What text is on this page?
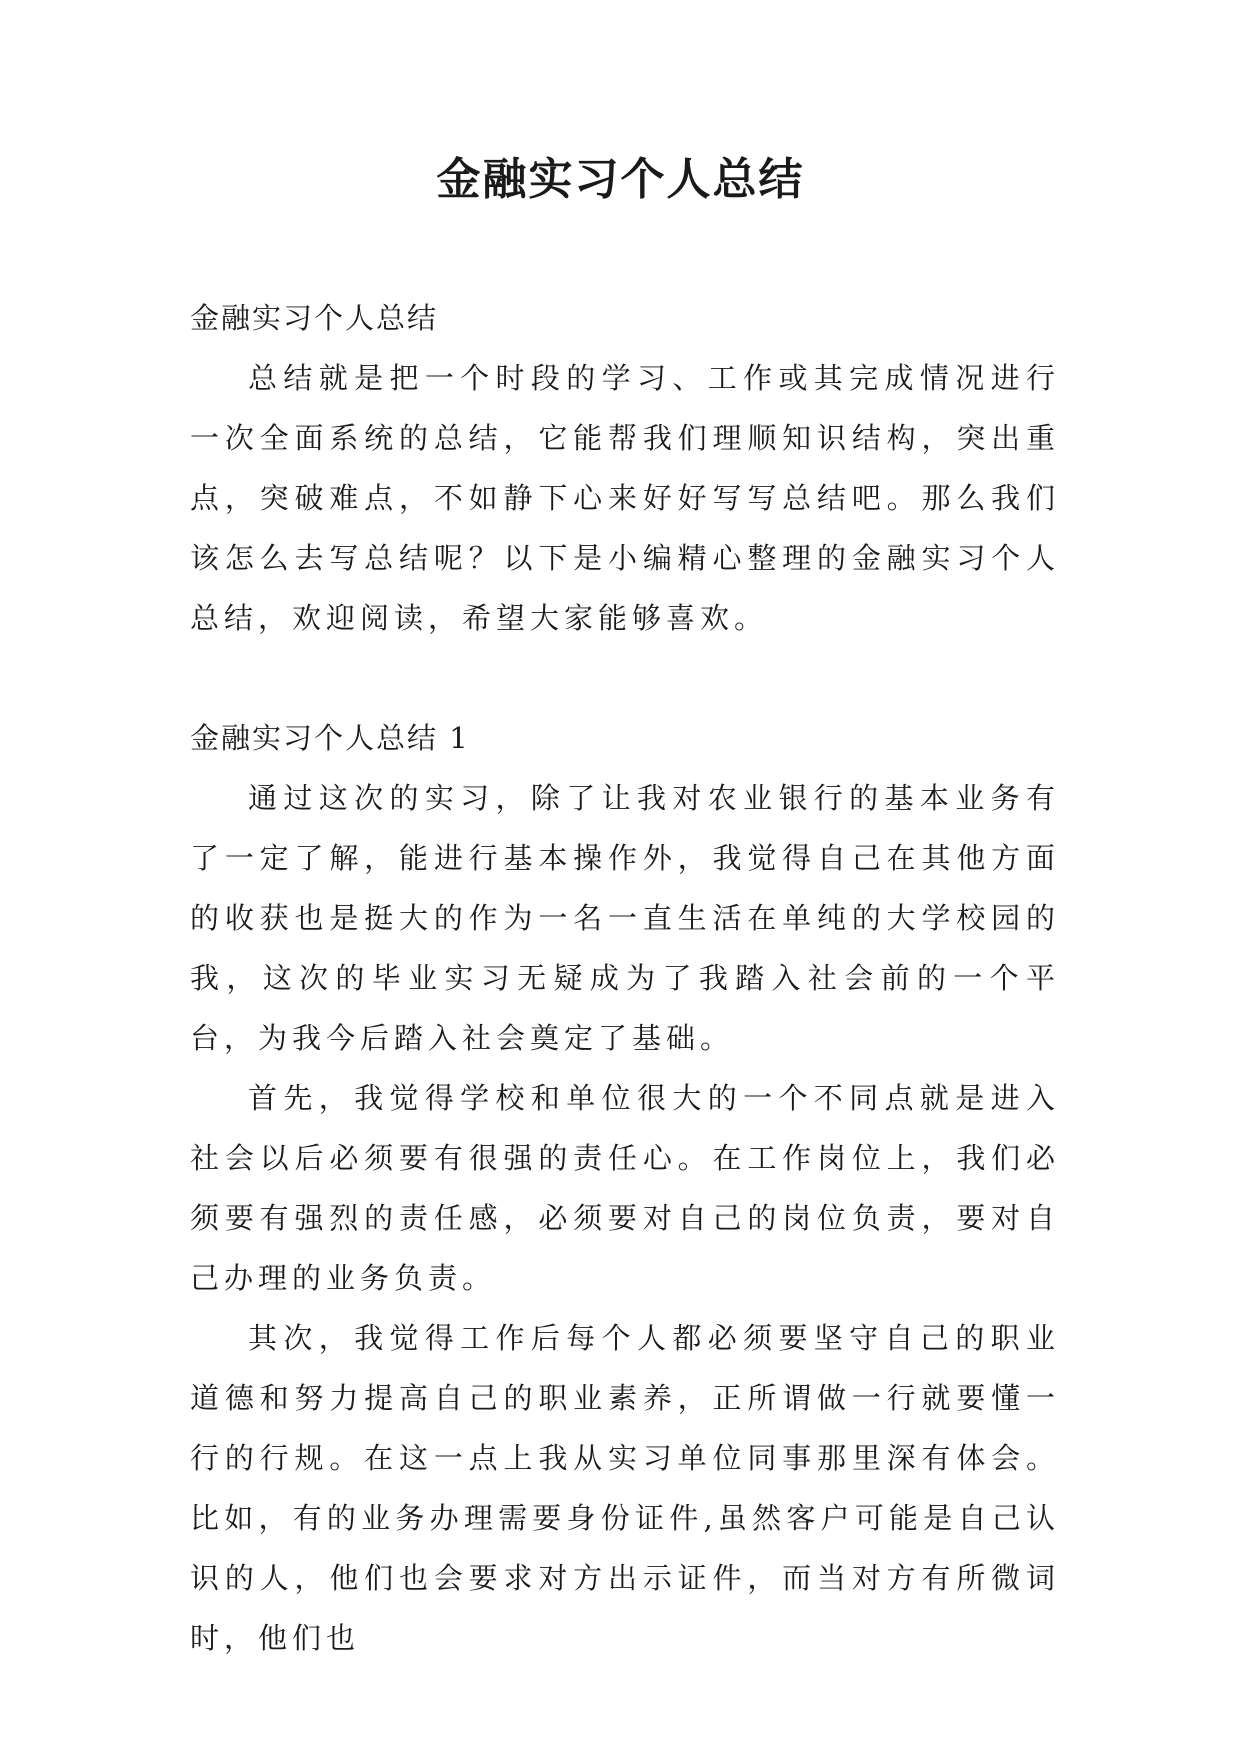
金融实习个人总结

金融实习个人总结

总结就是把一个时段的学习、工作或其完成情况进行一次全面系统的总结，它能帮我们理顺知识结构，突出重点，突破难点，不如静下心来好好写写总结吧。那么我们该怎么去写总结呢？以下是小编精心整理的金融实习个人总结，欢迎阅读，希望大家能够喜欢。

金融实习个人总结 1

通过这次的实习，除了让我对农业银行的基本业务有了一定了解，能进行基本操作外，我觉得自己在其他方面的收获也是挺大的作为一名一直生活在单纯的大学校园的我，这次的毕业实习无疑成为了我踏入社会前的一个平台，为我今后踏入社会奠定了基础。

首先，我觉得学校和单位很大的一个不同点就是进入社会以后必须要有很强的责任心。在工作岗位上，我们必须要有强烈的责任感，必须要对自己的岗位负责，要对自己办理的业务负责。

其次，我觉得工作后每个人都必须要坚守自己的职业道德和努力提高自己的职业素养，正所谓做一行就要懂一行的行规。在这一点上我从实习单位同事那里深有体会。比如，有的业务办理需要身份证件,虽然客户可能是自己认识的人，他们也会要求对方出示证件，而当对方有所微词时，他们也
